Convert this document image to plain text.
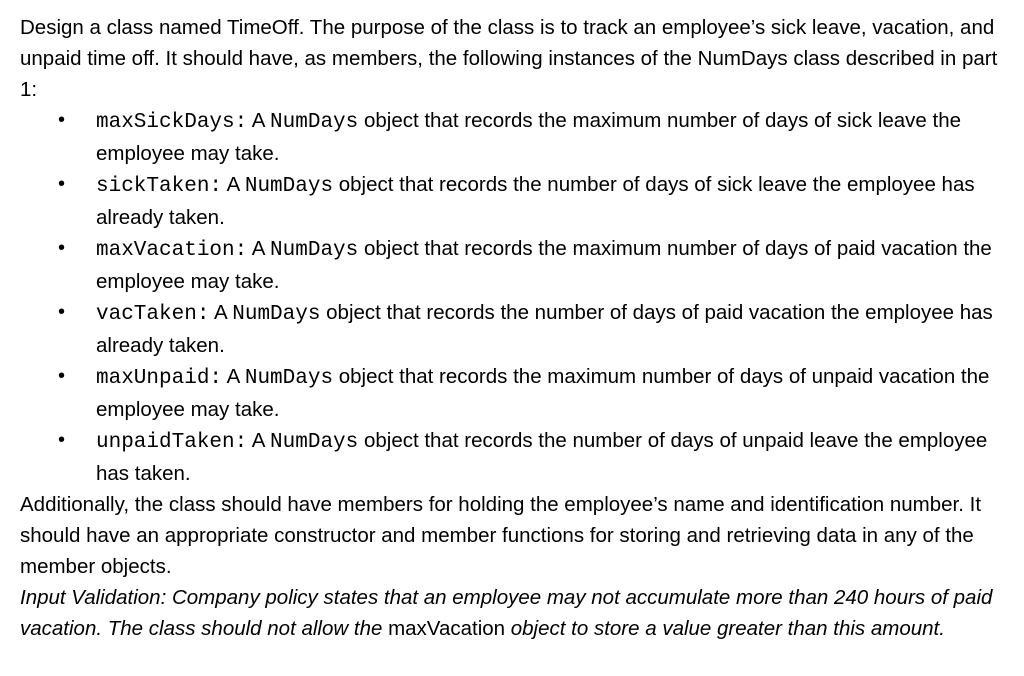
Design a class named TimeOff. The purpose of the class is to track an employee’s sick leave, vacation, and unpaid time off. It should have, as members, the following instances of the NumDays class described in part 1:

• maxSickDays: A NumDays object that records the maximum number of days of sick leave the employee may take.
• sickTaken: A NumDays object that records the number of days of sick leave the employee has already taken.
• maxVacation: A NumDays object that records the maximum number of days of paid vacation the employee may take.
• vacTaken: A NumDays object that records the number of days of paid vacation the employee has already taken.
• maxUnpaid: A NumDays object that records the maximum number of days of unpaid vacation the employee may take.
• unpaidTaken: A NumDays object that records the number of days of unpaid leave the employee has taken.

Additionally, the class should have members for holding the employee’s name and identification number. It should have an appropriate constructor and member functions for storing and retrieving data in any of the member objects.

Input Validation: Company policy states that an employee may not accumulate more than 240 hours of paid vacation. The class should not allow the maxVacation object to store a value greater than this amount.
